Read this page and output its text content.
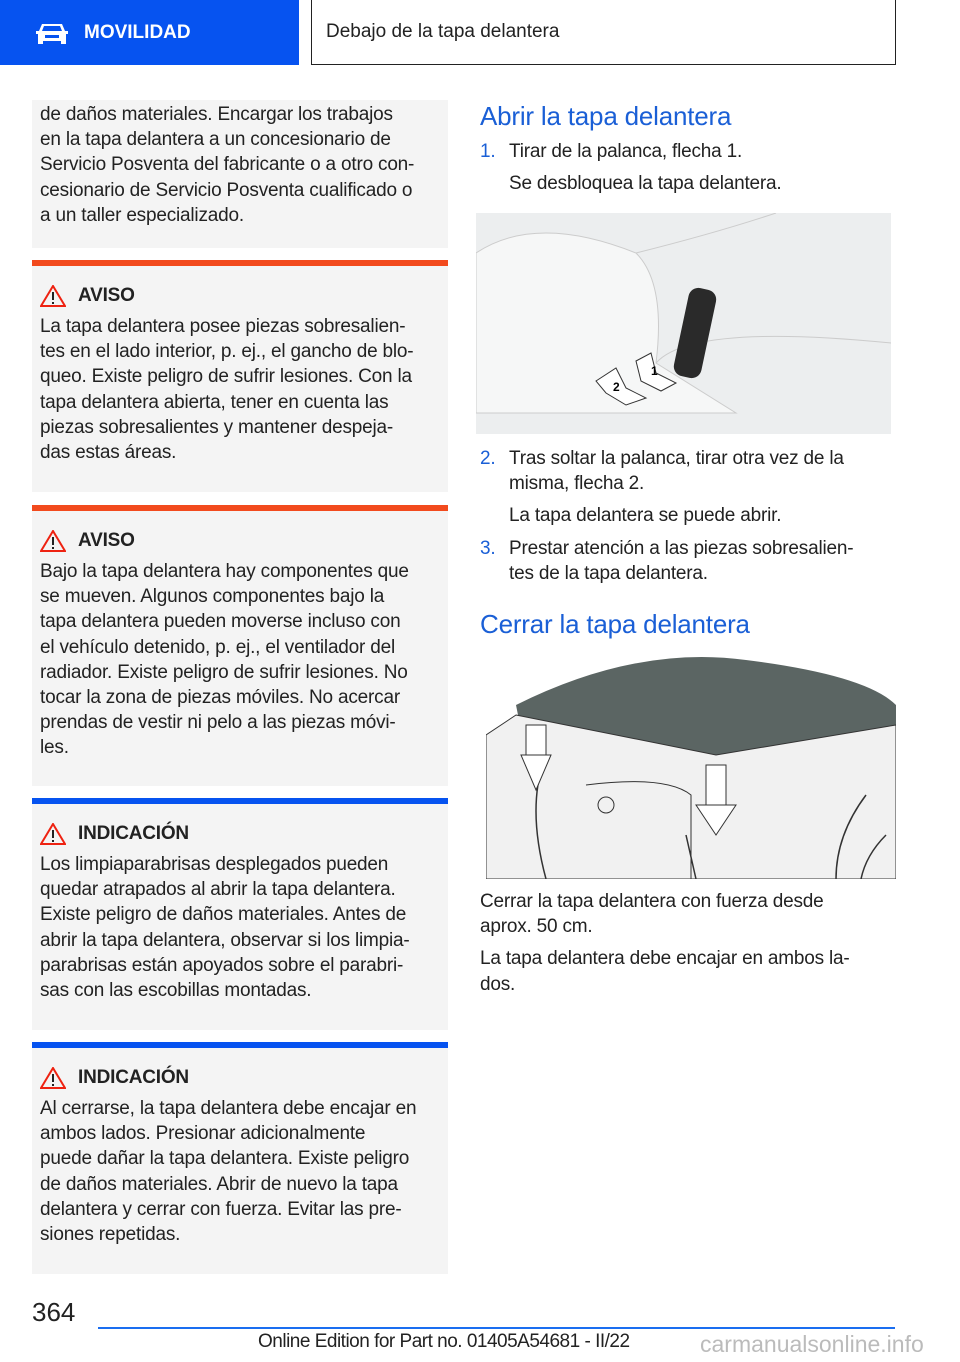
MOVILIDAD	Debajo de la tapa delantera

de daños materiales. Encargar los trabajos
en la tapa delantera a un concesionario de
Servicio Posventa del fabricante o a otro con-
cesionario de Servicio Posventa cualificado o
a un taller especializado.

AVISO

La tapa delantera posee piezas sobresalien-
tes en el lado interior, p. ej., el gancho de blo-
queo. Existe peligro de sufrir lesiones. Con la
tapa delantera abierta, tener en cuenta las
piezas sobresalientes y mantener despeja-
das estas áreas.

AVISO

Bajo la tapa delantera hay componentes que
se mueven. Algunos componentes bajo la
tapa delantera pueden moverse incluso con
el vehículo detenido, p. ej., el ventilador del
radiador. Existe peligro de sufrir lesiones. No
tocar la zona de piezas móviles. No acercar
prendas de vestir ni pelo a las piezas móvi-
les.

INDICACIÓN

Los limpiaparabrisas desplegados pueden
quedar atrapados al abrir la tapa delantera.
Existe peligro de daños materiales. Antes de
abrir la tapa delantera, observar si los limpia-
parabrisas están apoyados sobre el parabri-
sas con las escobillas montadas.

INDICACIÓN

Al cerrarse, la tapa delantera debe encajar en
ambos lados. Presionar adicionalmente
puede dañar la tapa delantera. Existe peligro
de daños materiales. Abrir de nuevo la tapa
delantera y cerrar con fuerza. Evitar las pre-
siones repetidas.

Abrir la tapa delantera
1. Tirar de la palanca, flecha 1.

Se desbloquea la tapa delantera.

1
2
2. Tras soltar la palanca, tirar otra vez de la
misma, flecha 2.

La tapa delantera se puede abrir.

3. Prestar atención a las piezas sobresalien-
tes de la tapa delantera.

Cerrar la tapa delantera

Cerrar la tapa delantera con fuerza desde
aprox. 50 cm.

La tapa delantera debe encajar en ambos la-
dos.

364
Online Edition for Part no. 01405A54681 - II/22	carmanualsonline.info
